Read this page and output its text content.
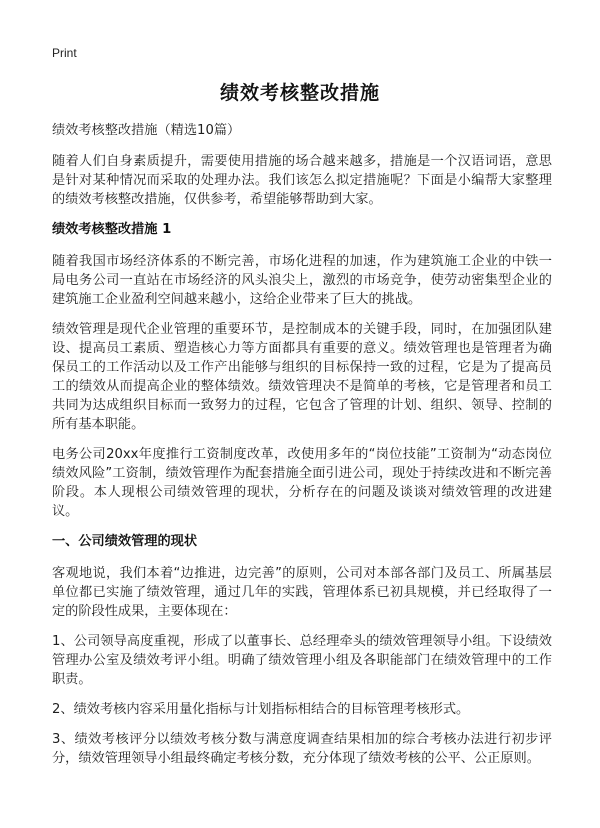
Print
绩效考核整改措施

绩效考核整改措施（精选10篇）

随着人们自身素质提升，需要使用措施的场合越来越多，措施是一个汉语词语，意思是针对某种情况而采取的处理办法。我们该怎么拟定措施呢？下面是小编帮大家整理的绩效考核整改措施，仅供参考，希望能够帮助到大家。

绩效考核整改措施 1

随着我国市场经济体系的不断完善，市场化进程的加速，作为建筑施工企业的中铁一局电务公司一直站在市场经济的风头浪尖上，激烈的市场竞争，使劳动密集型企业的建筑施工企业盈利空间越来越小，这给企业带来了巨大的挑战。

绩效管理是现代企业管理的重要环节，是控制成本的关键手段，同时，在加强团队建设、提高员工素质、塑造核心力等方面都具有重要的意义。绩效管理也是管理者为确保员工的工作活动以及工作产出能够与组织的目标保持一致的过程，它是为了提高员工的绩效从而提高企业的整体绩效。绩效管理决不是简单的考核，它是管理者和员工共同为达成组织目标而一致努力的过程，它包含了管理的计划、组织、领导、控制的所有基本职能。

电务公司20xx年度推行工资制度改革，改使用多年的“岗位技能”工资制为“动态岗位绩效风险”工资制，绩效管理作为配套措施全面引进公司，现处于持续改进和不断完善阶段。本人现根公司绩效管理的现状，分析存在的问题及谈谈对绩效管理的改进建议。

一、公司绩效管理的现状

客观地说，我们本着“边推进，边完善”的原则，公司对本部各部门及员工、所属基层单位都已实施了绩效管理，通过几年的实践，管理体系已初具规模，并已经取得了一定的阶段性成果，主要体现在：

1、公司领导高度重视，形成了以董事长、总经理牵头的绩效管理领导小组。下设绩效管理办公室及绩效考评小组。明确了绩效管理小组及各职能部门在绩效管理中的工作职责。

2、绩效考核内容采用量化指标与计划指标相结合的目标管理考核形式。

3、绩效考核评分以绩效考核分数与满意度调查结果相加的综合考核办法进行初步评分，绩效管理领导小组最终确定考核分数，充分体现了绩效考核的公平、公正原则。
